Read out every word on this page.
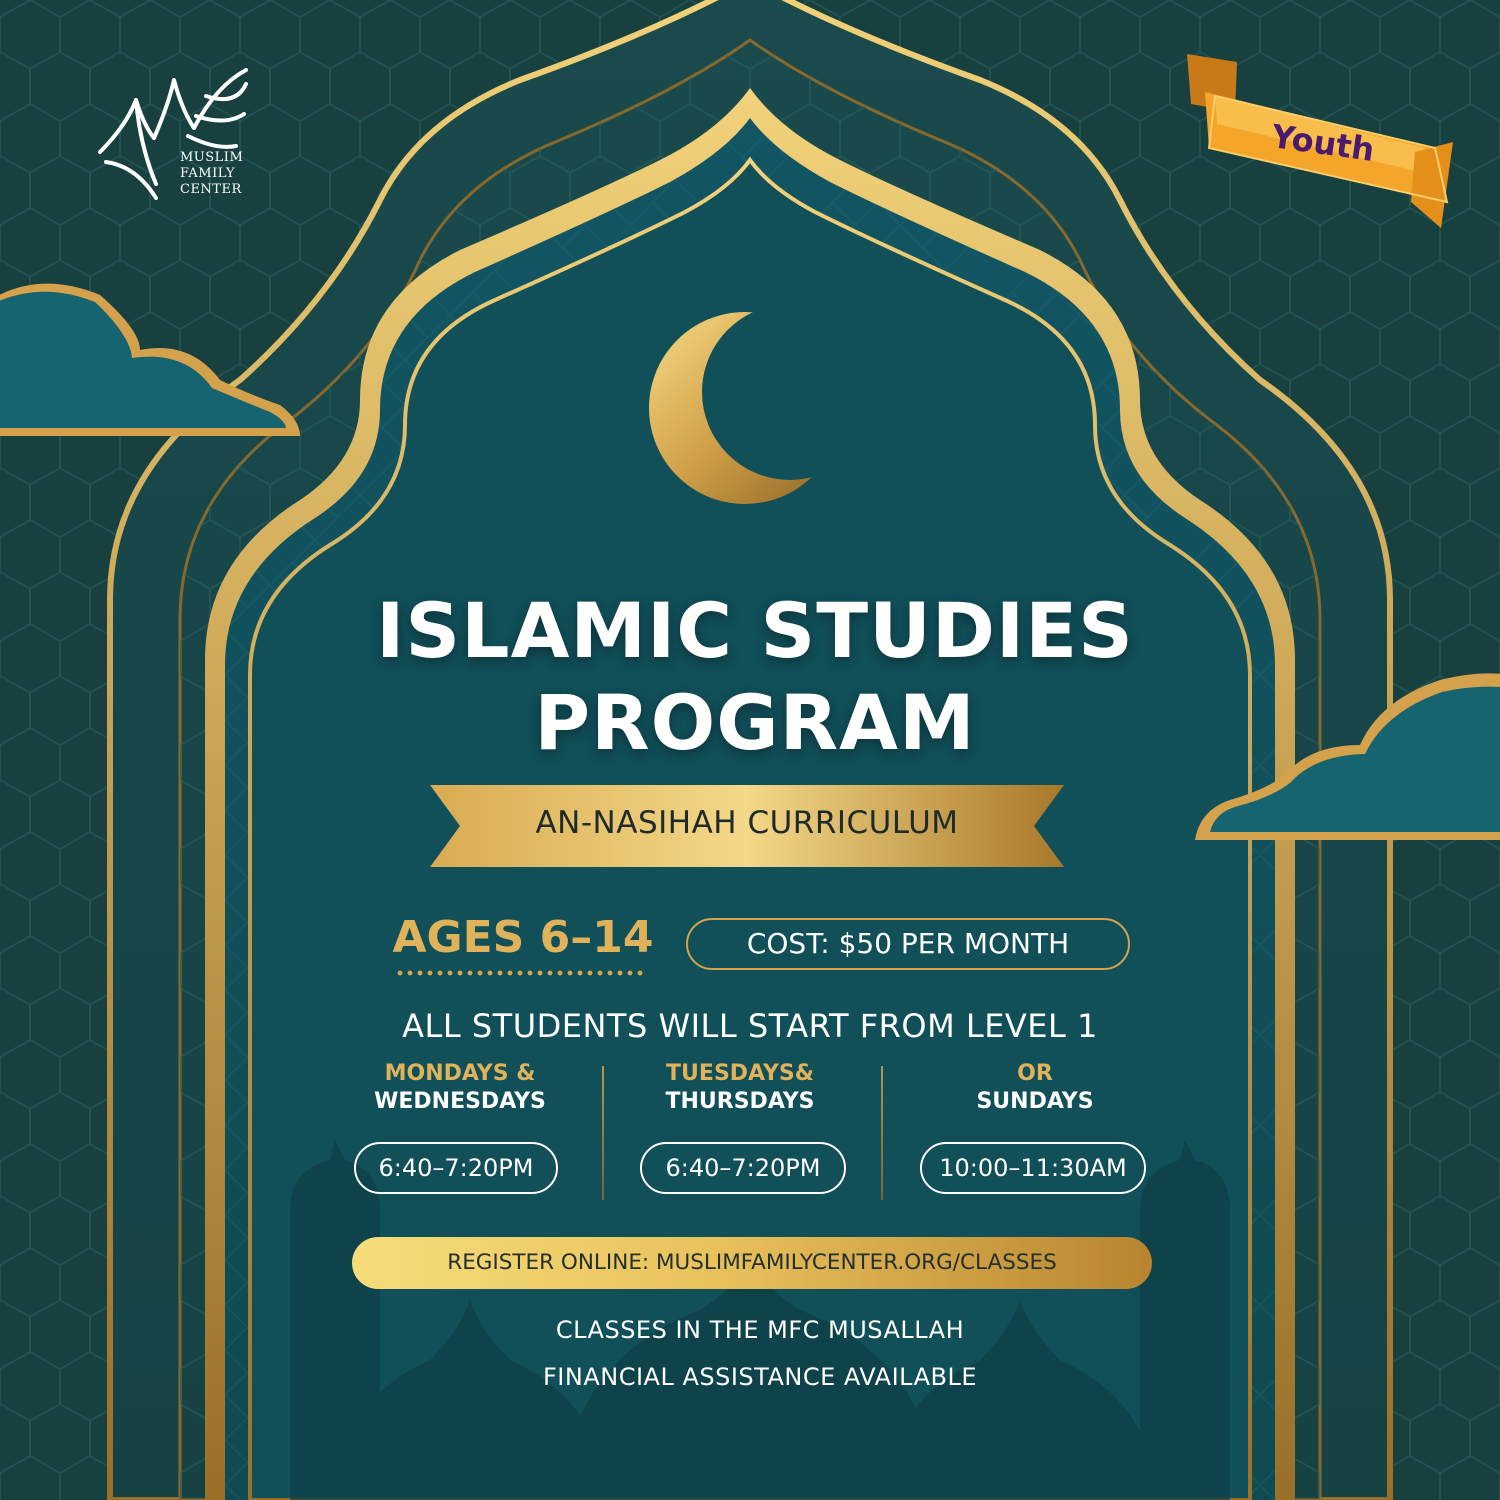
MUSLIM
FAMILY
CENTER
Youth
ISLAMIC STUDIES
PROGRAM
AN-NASIHAH CURRICULUM
AGES 6–14	COST: $50 PER MONTH
ALL STUDENTS WILL START FROM LEVEL 1
MONDAYS &
WEDNESDAYS
6:40–7:20PM
TUESDAYS&
THURSDAYS
6:40–7:20PM
OR
SUNDAYS
10:00–11:30AM
REGISTER ONLINE: MUSLIMFAMILYCENTER.ORG/CLASSES
CLASSES IN THE MFC MUSALLAH
FINANCIAL ASSISTANCE AVAILABLE
